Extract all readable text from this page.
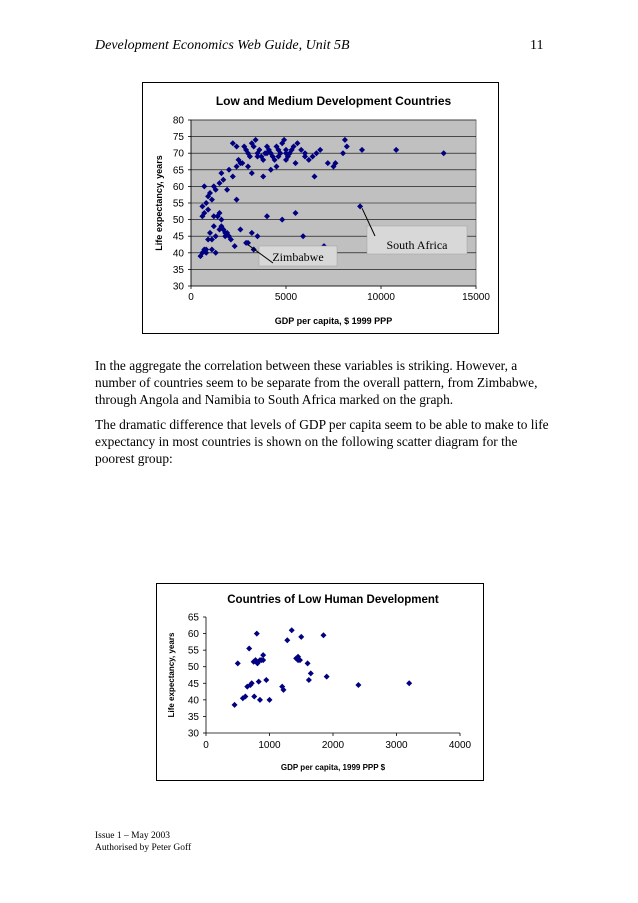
Development Economics Web Guide, Unit 5B	11
Low and Medium Development Countries
80
75
70
65
60
55
50
45
40
35
30
0	5000	10000	15000
GDP per capita, $ 1999 PPP
Life expectancy, years	South Africa
Zimbabwe
In the aggregate the correlation between these variables is striking. However, a number of countries seem to be separate from the overall pattern, from Zimbabwe, through Angola and Namibia to South Africa marked on the graph.
The dramatic difference that levels of GDP per capita seem to be able to make to life expectancy in most countries is shown on the following scatter diagram for the poorest group:
Countries of Low Human Development
65
60
55
50
45
40
35
30
0	1000	2000	3000	4000
GDP per capita, 1999 PPP $
Life expectancy, years
Issue 1 – May 2003
Authorised by Peter Goff
